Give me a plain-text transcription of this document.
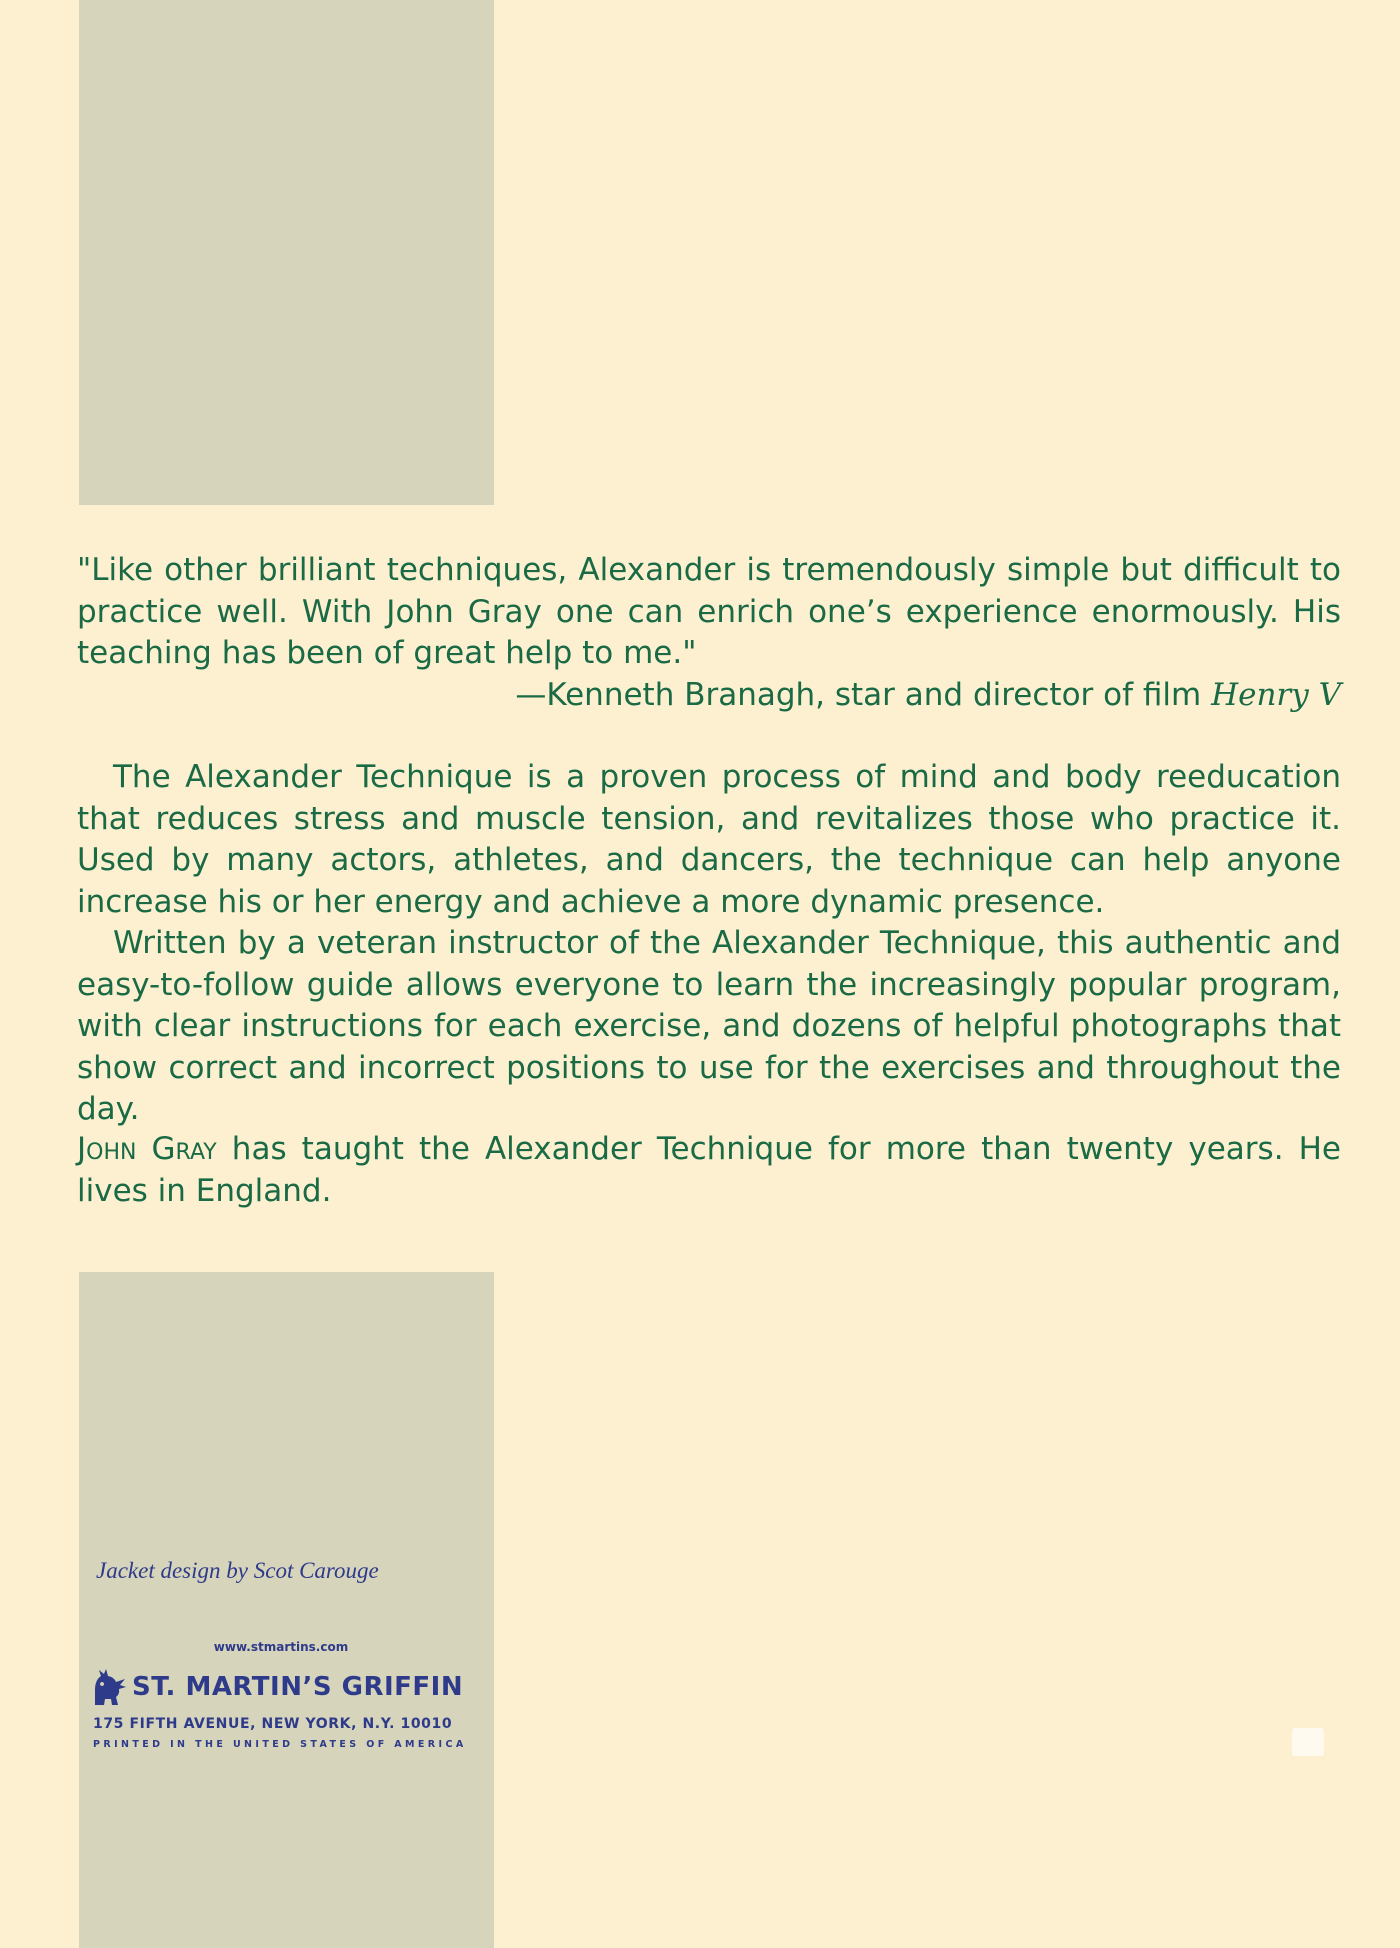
"Like other brilliant techniques, Alexander is tremendously simple but difficult to practice well. With John Gray one can enrich one’s experience enormously. His teaching has been of great help to me."

—Kenneth Branagh, star and director of film Henry V

The Alexander Technique is a proven process of mind and body reeducation that reduces stress and muscle tension, and revitalizes those who practice it. Used by many actors, athletes, and dancers, the technique can help anyone increase his or her energy and achieve a more dynamic presence.

Written by a veteran instructor of the Alexander Technique, this authentic and easy-to-follow guide allows everyone to learn the increasingly popular program, with clear instructions for each exercise, and dozens of helpful photographs that show correct and incorrect positions to use for the exercises and throughout the day.

John Gray has taught the Alexander Technique for more than twenty years. He lives in England.

Jacket design by Scot Carouge
www.stmartins.com
ST. MARTIN’S GRIFFIN
175 FIFTH AVENUE, NEW YORK, N.Y. 10010
PRINTED IN THE UNITED STATES OF AMERICA
